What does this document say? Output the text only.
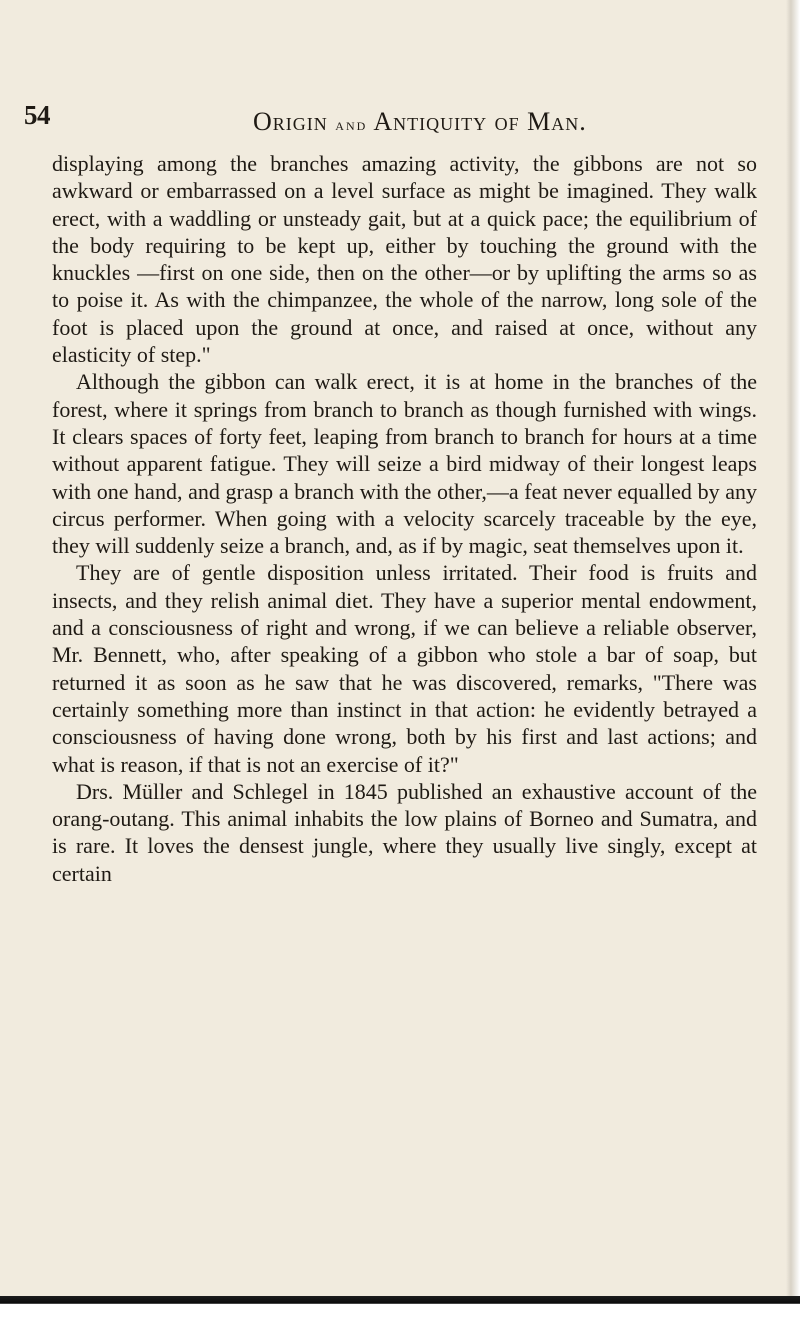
54	Origin and Antiquity of Man.

displaying among the branches amazing activity, the gibbons are not so awkward or embarrassed on a level surface as might be imagined. They walk erect, with a waddling or unsteady gait, but at a quick pace; the equilibrium of the body requiring to be kept up, either by touching the ground with the knuckles —first on one side, then on the other—or by uplifting the arms so as to poise it. As with the chimpanzee, the whole of the narrow, long sole of the foot is placed upon the ground at once, and raised at once, without any elasticity of step."

Although the gibbon can walk erect, it is at home in the branches of the forest, where it springs from branch to branch as though furnished with wings. It clears spaces of forty feet, leaping from branch to branch for hours at a time without apparent fatigue. They will seize a bird midway of their longest leaps with one hand, and grasp a branch with the other,—a feat never equalled by any circus performer. When going with a velocity scarcely traceable by the eye, they will suddenly seize a branch, and, as if by magic, seat themselves upon it.

They are of gentle disposition unless irritated. Their food is fruits and insects, and they relish animal diet. They have a superior mental endowment, and a consciousness of right and wrong, if we can believe a reliable observer, Mr. Bennett, who, after speaking of a gibbon who stole a bar of soap, but returned it as soon as he saw that he was discovered, remarks, "There was certainly something more than instinct in that action: he evidently betrayed a consciousness of having done wrong, both by his first and last actions; and what is reason, if that is not an exercise of it?"

Drs. Müller and Schlegel in 1845 published an exhaustive account of the orang-outang. This animal inhabits the low plains of Borneo and Sumatra, and is rare. It loves the densest jungle, where they usually live singly, except at certain
